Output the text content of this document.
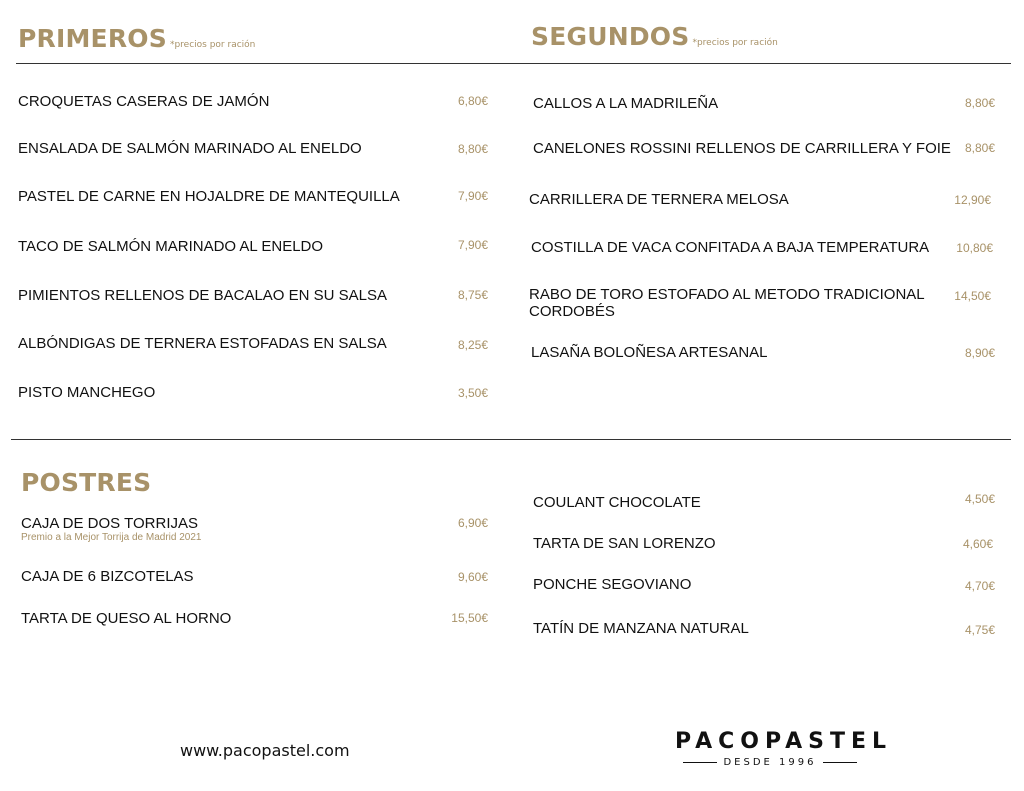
PRIMEROS *precios por ración	SEGUNDOS *precios por ración
CROQUETAS CASERAS DE JAMÓN	6,80€
ENSALADA DE SALMÓN MARINADO AL ENELDO	8,80€
PASTEL DE CARNE EN HOJALDRE DE MANTEQUILLA	7,90€
TACO DE SALMÓN MARINADO AL ENELDO	7,90€
PIMIENTOS RELLENOS DE BACALAO EN SU SALSA	8,75€
ALBÓNDIGAS DE TERNERA ESTOFADAS EN SALSA	8,25€
PISTO MANCHEGO	3,50€
CALLOS A LA MADRILEÑA	8,80€
CANELONES ROSSINI RELLENOS DE CARRILLERA Y FOIE	8,80€
CARRILLERA DE TERNERA MELOSA	12,90€
COSTILLA DE VACA CONFITADA A BAJA TEMPERATURA	10,80€
RABO DE TORO ESTOFADO AL METODO TRADICIONAL
CORDOBÉS
14,50€
LASAÑA BOLOÑESA ARTESANAL	8,90€
POSTRES
CAJA DE DOS TORRIJAS
Premio a la Mejor Torrija de Madrid 2021
6,90€
CAJA DE 6 BIZCOTELAS	9,60€
TARTA DE QUESO AL HORNO	15,50€
COULANT CHOCOLATE	4,50€
TARTA DE SAN LORENZO	4,60€
PONCHE SEGOVIANO	4,70€
TATÍN DE MANZANA NATURAL	4,75€
www.pacopastel.com	PACOPASTEL
DESDE 1996
